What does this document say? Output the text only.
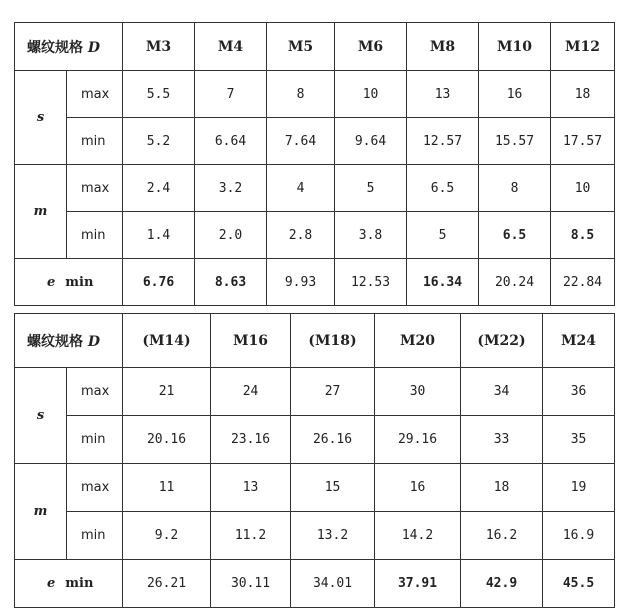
螺纹规格 D		M3	M4	M5	M6	M8	M10	M12
s	max	5.5	7	8	10	13	16	18
	min	5.2	6.64	7.64	9.64	12.57	15.57	17.57
m	max	2.4	3.2	4	5	6.5	8	10
	min	1.4	2.0	2.8	3.8	5	6.5	8.5
e min		6.76	8.63	9.93	12.53	16.34	20.24	22.84
螺纹规格 D		(M14)	M16	(M18)	M20	(M22)	M24
s	max	21	24	27	30	34	36
	min	20.16	23.16	26.16	29.16	33	35
m	max	11	13	15	16	18	19
	min	9.2	11.2	13.2	14.2	16.2	16.9
e min		26.21	30.11	34.01	37.91	42.9	45.5
